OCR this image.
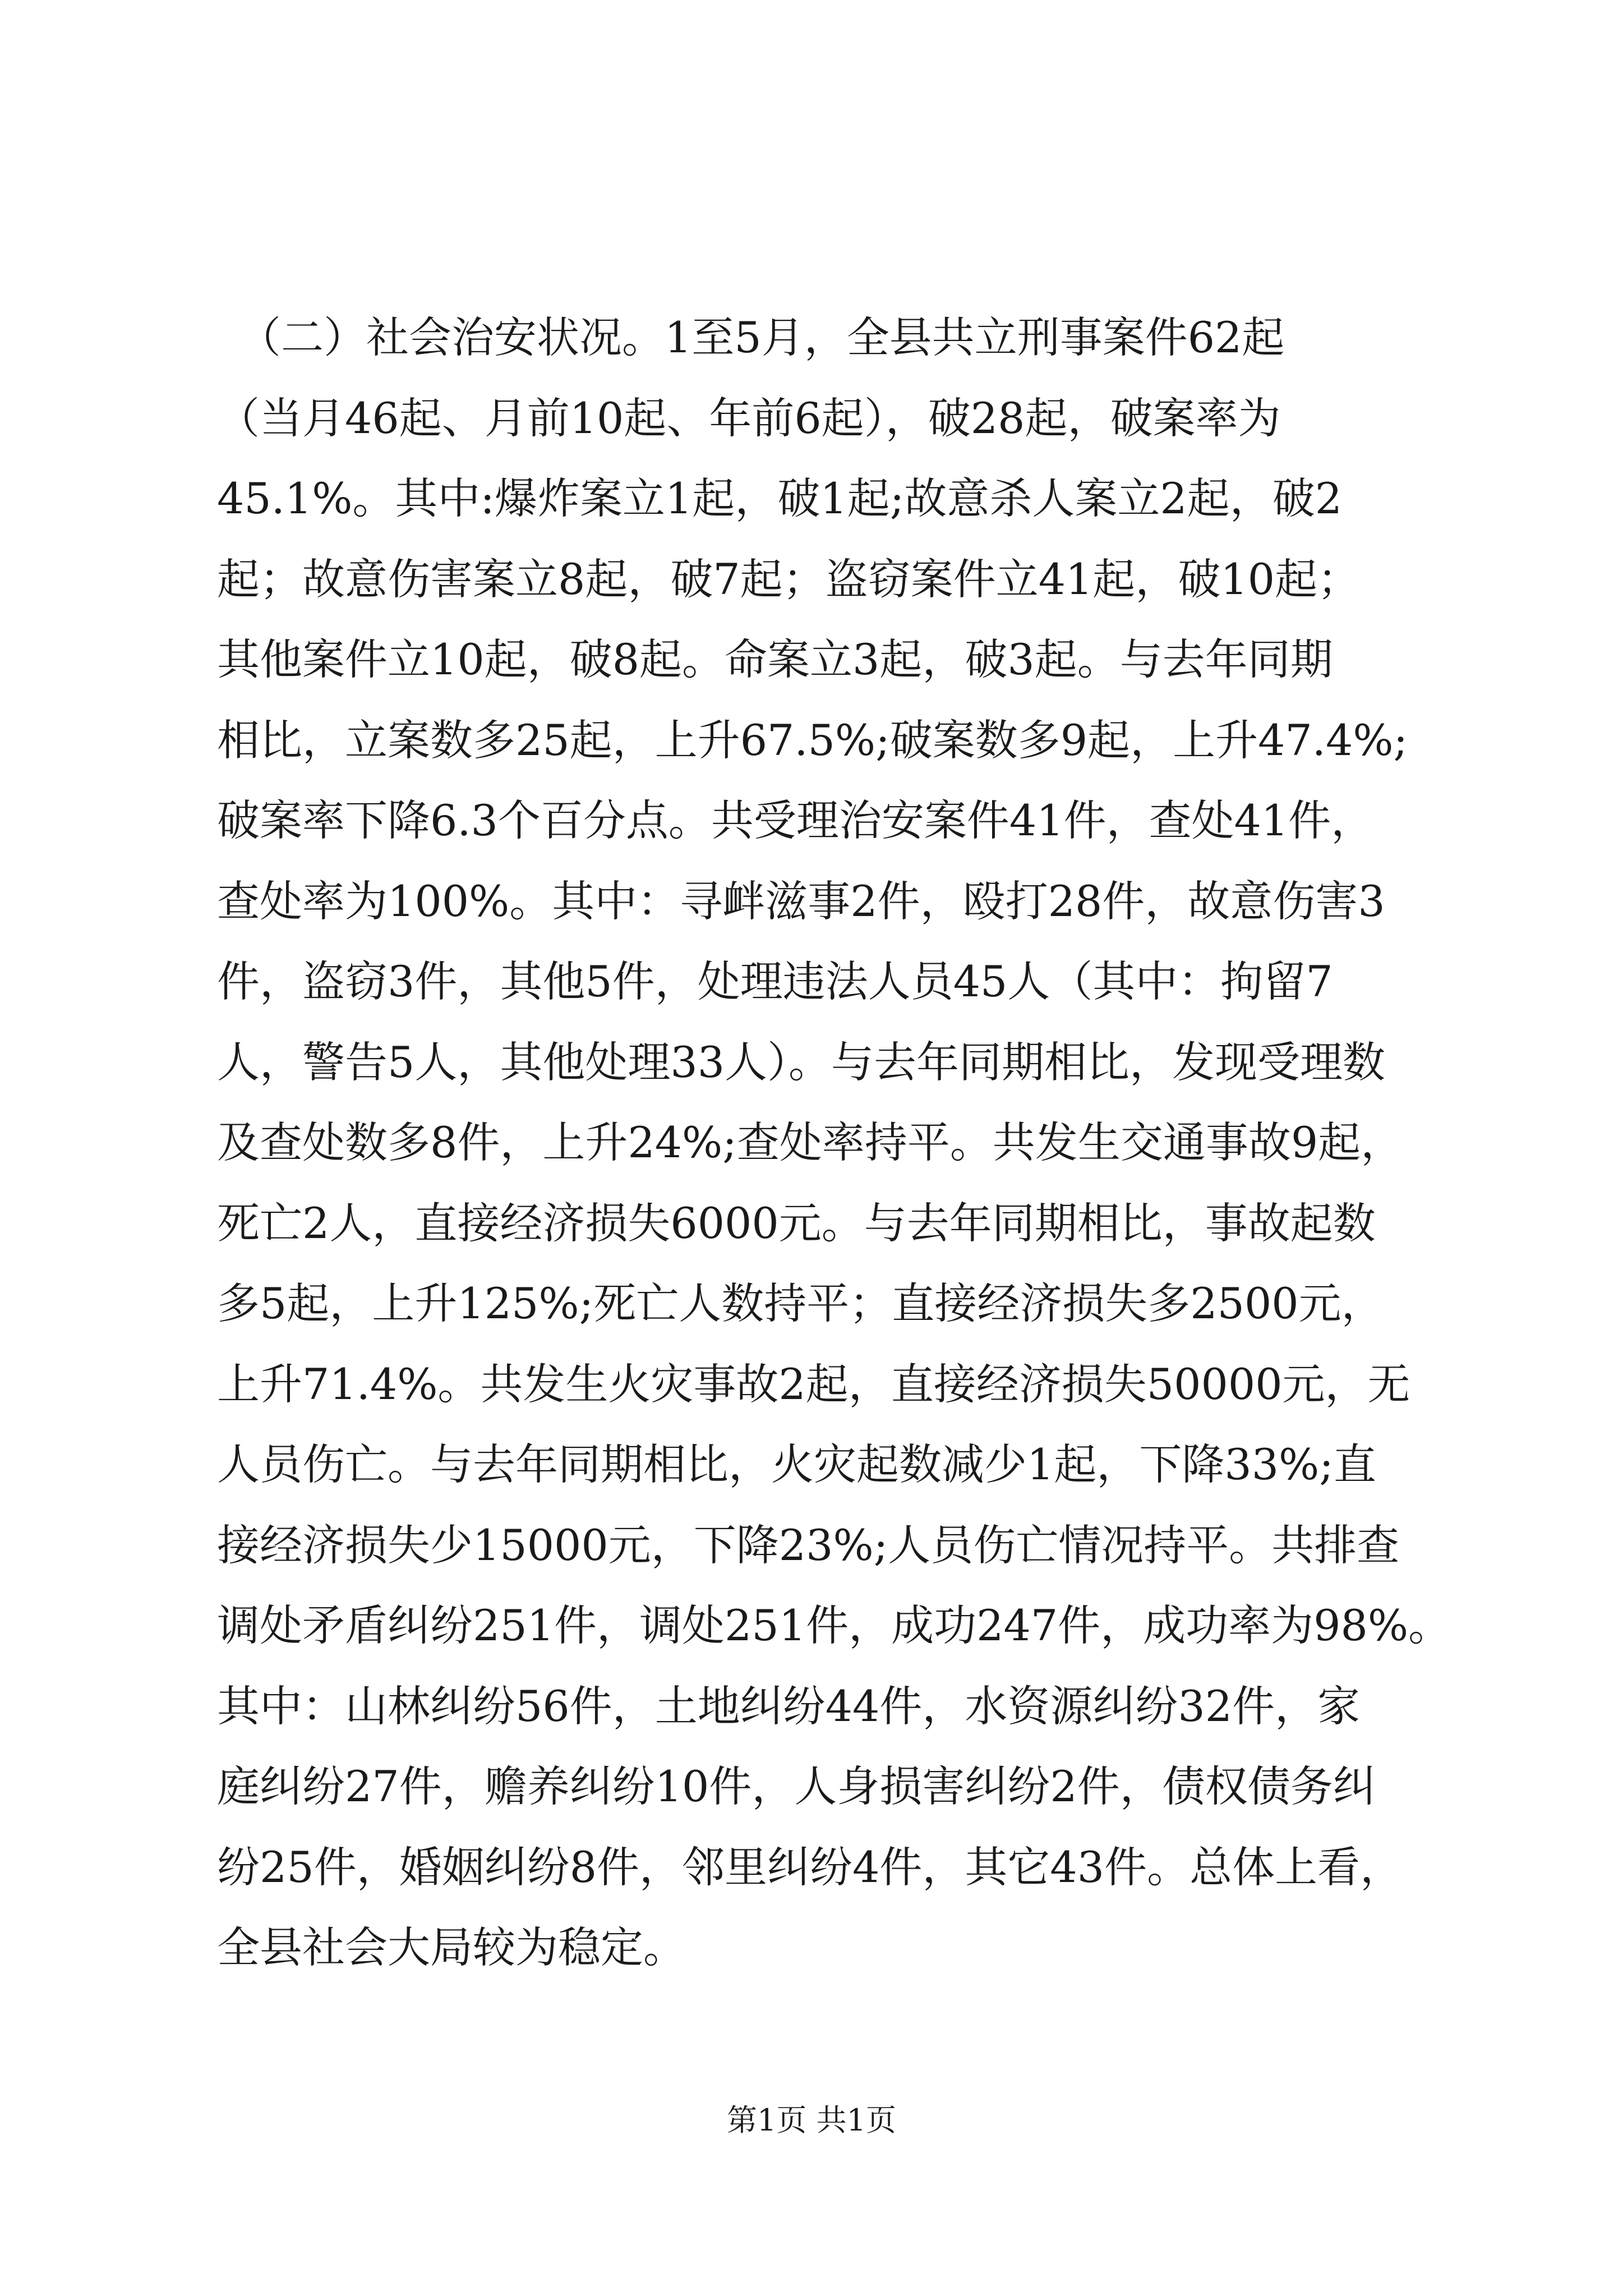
　（二）社会治安状况。1至5月，全县共立刑事案件62起
（当月46起、月前10起、年前6起），破28起，破案率为
45.1%。其中:爆炸案立1起，破1起;故意杀人案立2起，破2
起；故意伤害案立8起，破7起；盗窃案件立41起，破10起；
其他案件立10起，破8起。命案立3起，破3起。与去年同期
相比，立案数多25起，上升67.5%;破案数多9起，上升47.4%;
破案率下降6.3个百分点。共受理治安案件41件，查处41件，
查处率为100%。其中：寻衅滋事2件，殴打28件，故意伤害3
件，盗窃3件，其他5件，处理违法人员45人（其中：拘留7
人，警告5人，其他处理33人）。与去年同期相比，发现受理数
及查处数多8件，上升24%;查处率持平。共发生交通事故9起，
死亡2人，直接经济损失6000元。与去年同期相比，事故起数
多5起，上升125%;死亡人数持平；直接经济损失多2500元，
上升71.4%。共发生火灾事故2起，直接经济损失50000元，无
人员伤亡。与去年同期相比，火灾起数减少1起，下降33%;直
接经济损失少15000元，下降23%;人员伤亡情况持平。共排查
调处矛盾纠纷251件，调处251件，成功247件，成功率为98%。
其中：山林纠纷56件，土地纠纷44件，水资源纠纷32件，家
庭纠纷27件，赡养纠纷10件，人身损害纠纷2件，债权债务纠
纷25件，婚姻纠纷8件，邻里纠纷4件，其它43件。总体上看，
全县社会大局较为稳定。
第1页 共1页
